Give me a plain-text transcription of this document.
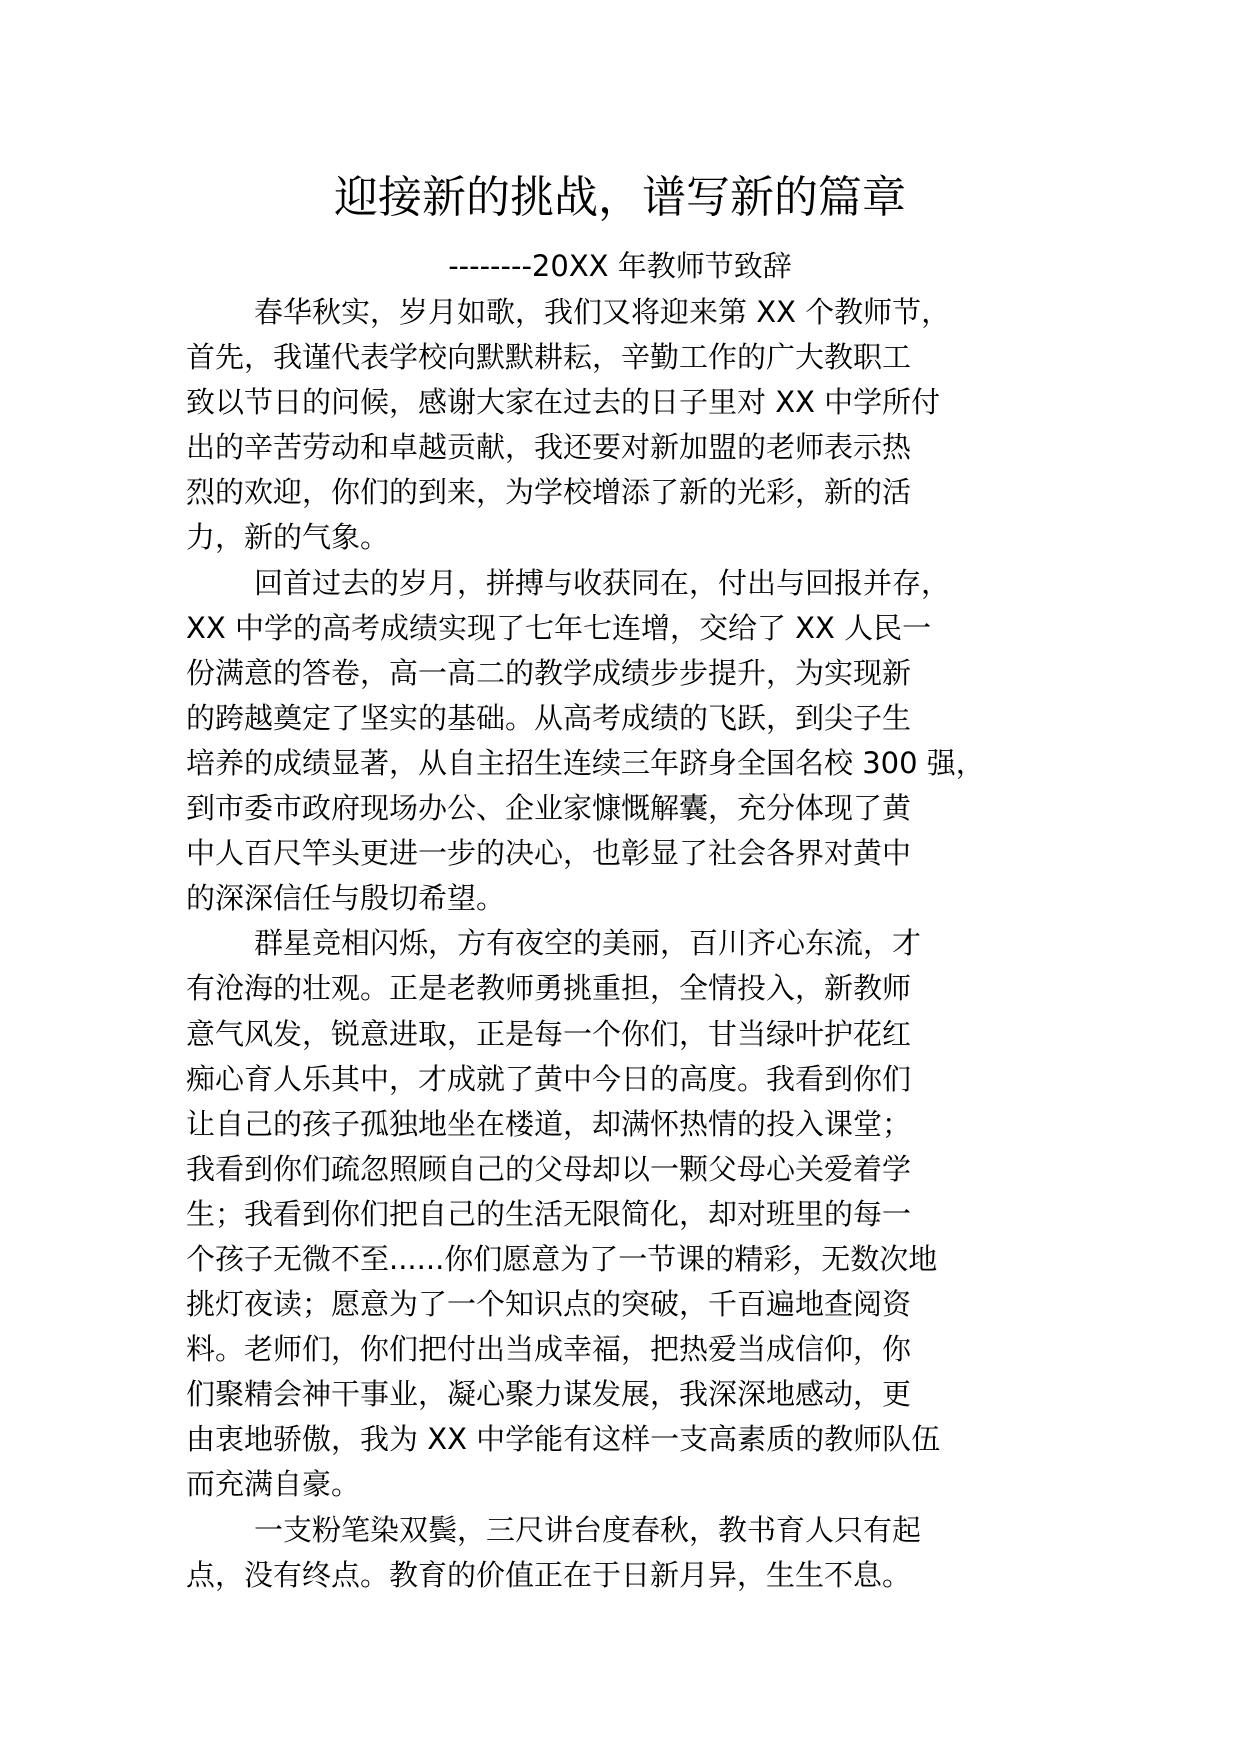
迎接新的挑战，谱写新的篇章
--------20XX 年教师节致辞

春华秋实，岁月如歌，我们又将迎来第 XX 个教师节，
首先，我谨代表学校向默默耕耘，辛勤工作的广大教职工
致以节日的问候，感谢大家在过去的日子里对 XX 中学所付
出的辛苦劳动和卓越贡献，我还要对新加盟的老师表示热
烈的欢迎，你们的到来，为学校增添了新的光彩，新的活
力，新的气象。

回首过去的岁月，拼搏与收获同在，付出与回报并存，
XX 中学的高考成绩实现了七年七连增，交给了 XX 人民一
份满意的答卷，高一高二的教学成绩步步提升，为实现新
的跨越奠定了坚实的基础。从高考成绩的飞跃，到尖子生
培养的成绩显著，从自主招生连续三年跻身全国名校 300 强，
到市委市政府现场办公、企业家慷慨解囊，充分体现了黄
中人百尺竿头更进一步的决心，也彰显了社会各界对黄中
的深深信任与殷切希望。

群星竞相闪烁，方有夜空的美丽，百川齐心东流，才
有沧海的壮观。正是老教师勇挑重担，全情投入，新教师
意气风发，锐意进取，正是每一个你们，甘当绿叶护花红
痴心育人乐其中，才成就了黄中今日的高度。我看到你们
让自己的孩子孤独地坐在楼道，却满怀热情的投入课堂；
我看到你们疏忽照顾自己的父母却以一颗父母心关爱着学
生；我看到你们把自己的生活无限简化，却对班里的每一
个孩子无微不至......你们愿意为了一节课的精彩，无数次地
挑灯夜读；愿意为了一个知识点的突破，千百遍地查阅资
料。老师们，你们把付出当成幸福，把热爱当成信仰，你
们聚精会神干事业，凝心聚力谋发展，我深深地感动，更
由衷地骄傲，我为 XX 中学能有这样一支高素质的教师队伍
而充满自豪。

一支粉笔染双鬓，三尺讲台度春秋，教书育人只有起
点，没有终点。教育的价值正在于日新月异，生生不息。
